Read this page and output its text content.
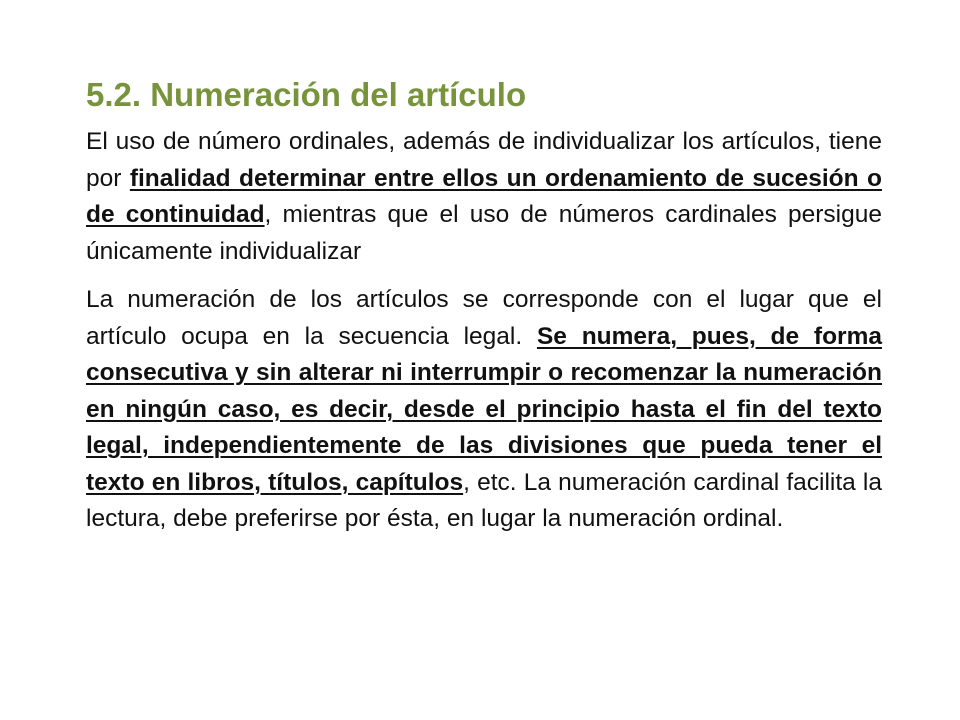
5.2. Numeración del artículo

El uso de número ordinales, además de individualizar los artículos, tiene por finalidad determinar entre ellos un ordenamiento de sucesión o de continuidad, mientras que el uso de números cardinales persigue únicamente individualizar

La numeración de los artículos se corresponde con el lugar que el artículo ocupa en la secuencia legal. Se numera, pues, de forma consecutiva y sin alterar ni interrumpir o recomenzar la numeración en ningún caso, es decir, desde el principio hasta el fin del texto legal, independientemente de las divisiones que pueda tener el texto en libros, títulos, capítulos, etc. La numeración cardinal facilita la lectura, debe preferirse por ésta, en lugar la numeración ordinal.
